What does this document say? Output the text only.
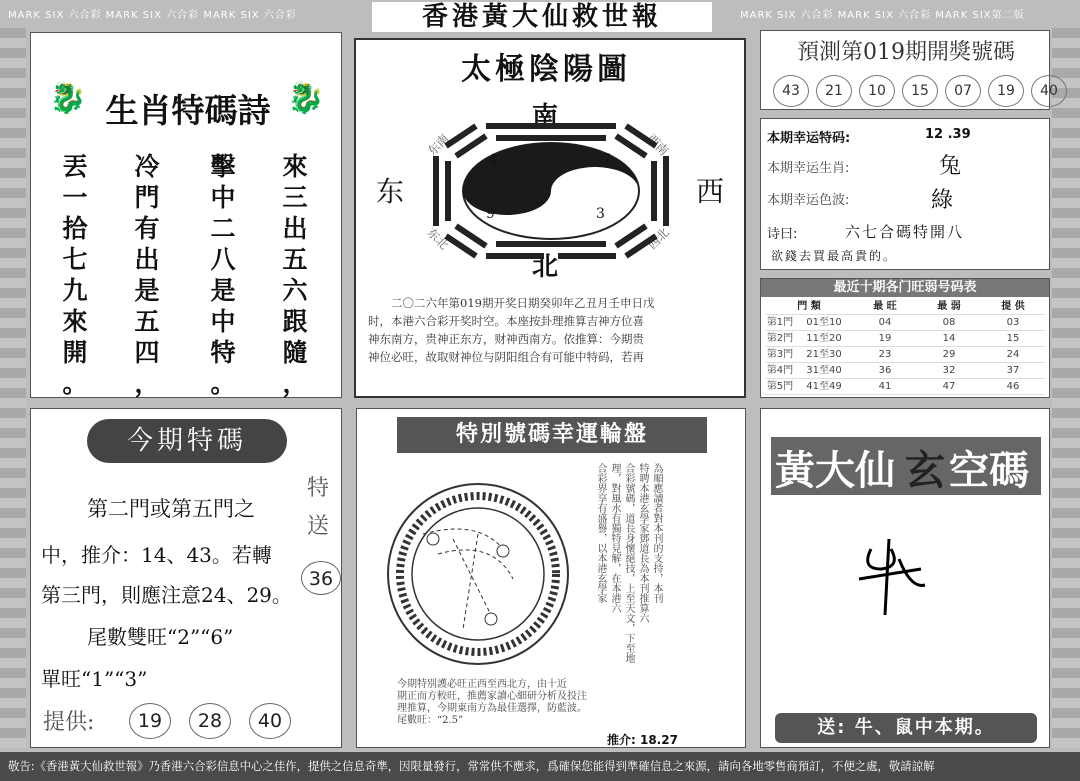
MARK SIX 六合彩 MARK SIX 六合彩 MARK SIX 六合彩	MARK SIX 六合彩 MARK SIX 六合彩 MARK SIX第二版
香港黃大仙救世報
🐉 生肖特碼詩 🐉
丟
一
拾
七
九
來
開
。
冷
門
有
出
是
五
四
，
擊
中
二
八
是
中
特
。
來
三
出
五
六
跟
隨
，
太極陰陽圖
南
北
东	西
东南	西南
东北	西北
4	7
2
9	3
二〇二六年第019期开奖日期癸卯年乙丑月壬申日戊
时，本港六合彩开奖时空。本座按卦理推算吉神方位喜
神东南方，贵神正东方，财神西南方。依推算：今期贵
神位必旺，故取财神位与阴阳组合有可能中特码，若再
預測第019期開獎號碼
43 21 10 15 07 19 40
本期幸运特码:	12 .39
本期幸运生肖:	兔
本期幸运色波:	綠
诗曰:	六七合碼特開八
欲錢去買最高貴的。
最近十期各门旺弱号码表
門 類	最 旺	最 弱	提 供
第1門	01至10	04	08	03
第2門	11至20	19	14	15
第3門	21至30	23	29	24
第4門	31至40	36	32	37
第5門	41至49	41	47	46
今期特碼
第二門或第五門之
中，推介：14、43。若轉
第三門，則應注意24、29。
尾數雙旺“2”“6”
單旺“1”“3”
特
送
36
提供:	19 28 40
特別號碼幸運輪盤
為順應讀者對本刊的支持，本刊
特聘本港玄學家鄧道長為本刊推算六
合彩號碼，道長身懷絕技，上至天文，下至地
理，對風水有獨特見解，在本港六
合彩界享有盛譽，以本港玄學家
今期特別護必旺正西至西北方，由十近
期正而方較旺，推薦家讀心細研分析及投注
理推算，今期東南方為最佳選擇，防藍波。
尾數旺：“2.5”
推介: 18.27
黃大仙 玄 空碼
送: 牛、鼠中本期。
敬告:《香港黃大仙救世報》乃香港六合彩信息中心之佳作，提供之信息奇準，因限量發行，常常供不應求，爲確保您能得到準確信息之來源，請向各地零售商預訂，不便之處，敬請諒解
